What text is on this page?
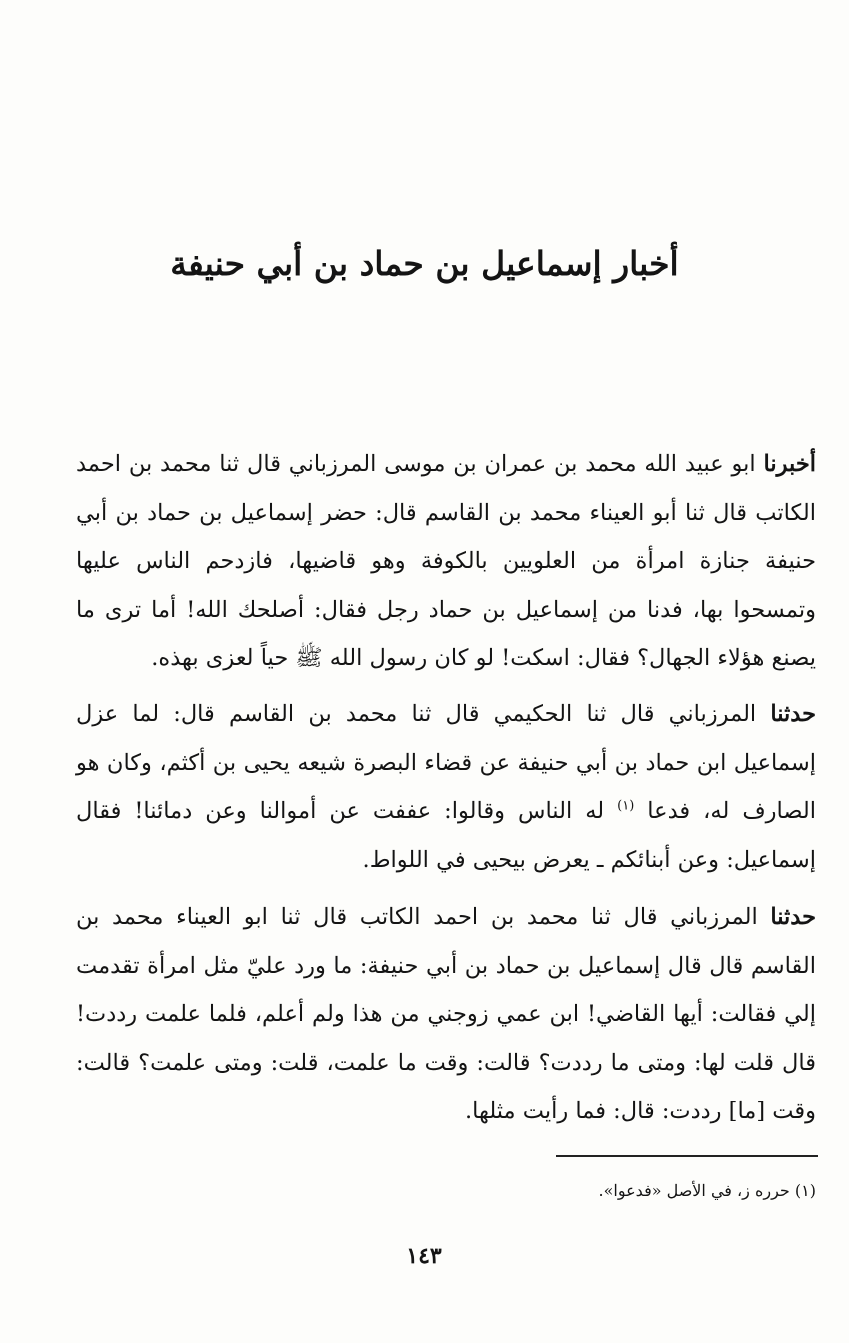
أخبار إسماعيل بن حماد بن أبي حنيفة

أخبرنا ابو عبيد الله محمد بن عمران بن موسى المرزباني قال ثنا محمد بن احمد الكاتب قال ثنا أبو العيناء محمد بن القاسم قال: حضر إسماعيل بن حماد بن أبي حنيفة جنازة امرأة من العلويين بالكوفة وهو قاضيها، فازدحم الناس عليها وتمسحوا بها، فدنا من إسماعيل بن حماد رجل فقال: أصلحك الله! أما ترى ما يصنع هؤلاء الجهال؟ فقال: اسكت! لو كان رسول الله ﷺ حياً لعزى بهذه.

حدثنا المرزباني قال ثنا الحكيمي قال ثنا محمد بن القاسم قال: لما عزل إسماعيل ابن حماد بن أبي حنيفة عن قضاء البصرة شيعه يحيى بن أكثم، وكان هو الصارف له، فدعا $^{(١)}$ له الناس وقالوا: عففت عن أموالنا وعن دمائنا! فقال إسماعيل: وعن أبنائكم ـ يعرض بيحيى في اللواط.

حدثنا المرزباني قال ثنا محمد بن احمد الكاتب قال ثنا ابو العيناء محمد بن القاسم قال قال إسماعيل بن حماد بن أبي حنيفة: ما ورد عليّ مثل امرأة تقدمت إلي فقالت: أيها القاضي! ابن عمي زوجني من هذا ولم أعلم، فلما علمت رددت! قال قلت لها: ومتى ما رددت؟ قالت: وقت ما علمت، قلت: ومتى علمت؟ قالت: وقت [ما] رددت: قال: فما رأيت مثلها.

(١) حرره ز، في الأصل «فدعوا».
١٤٣
